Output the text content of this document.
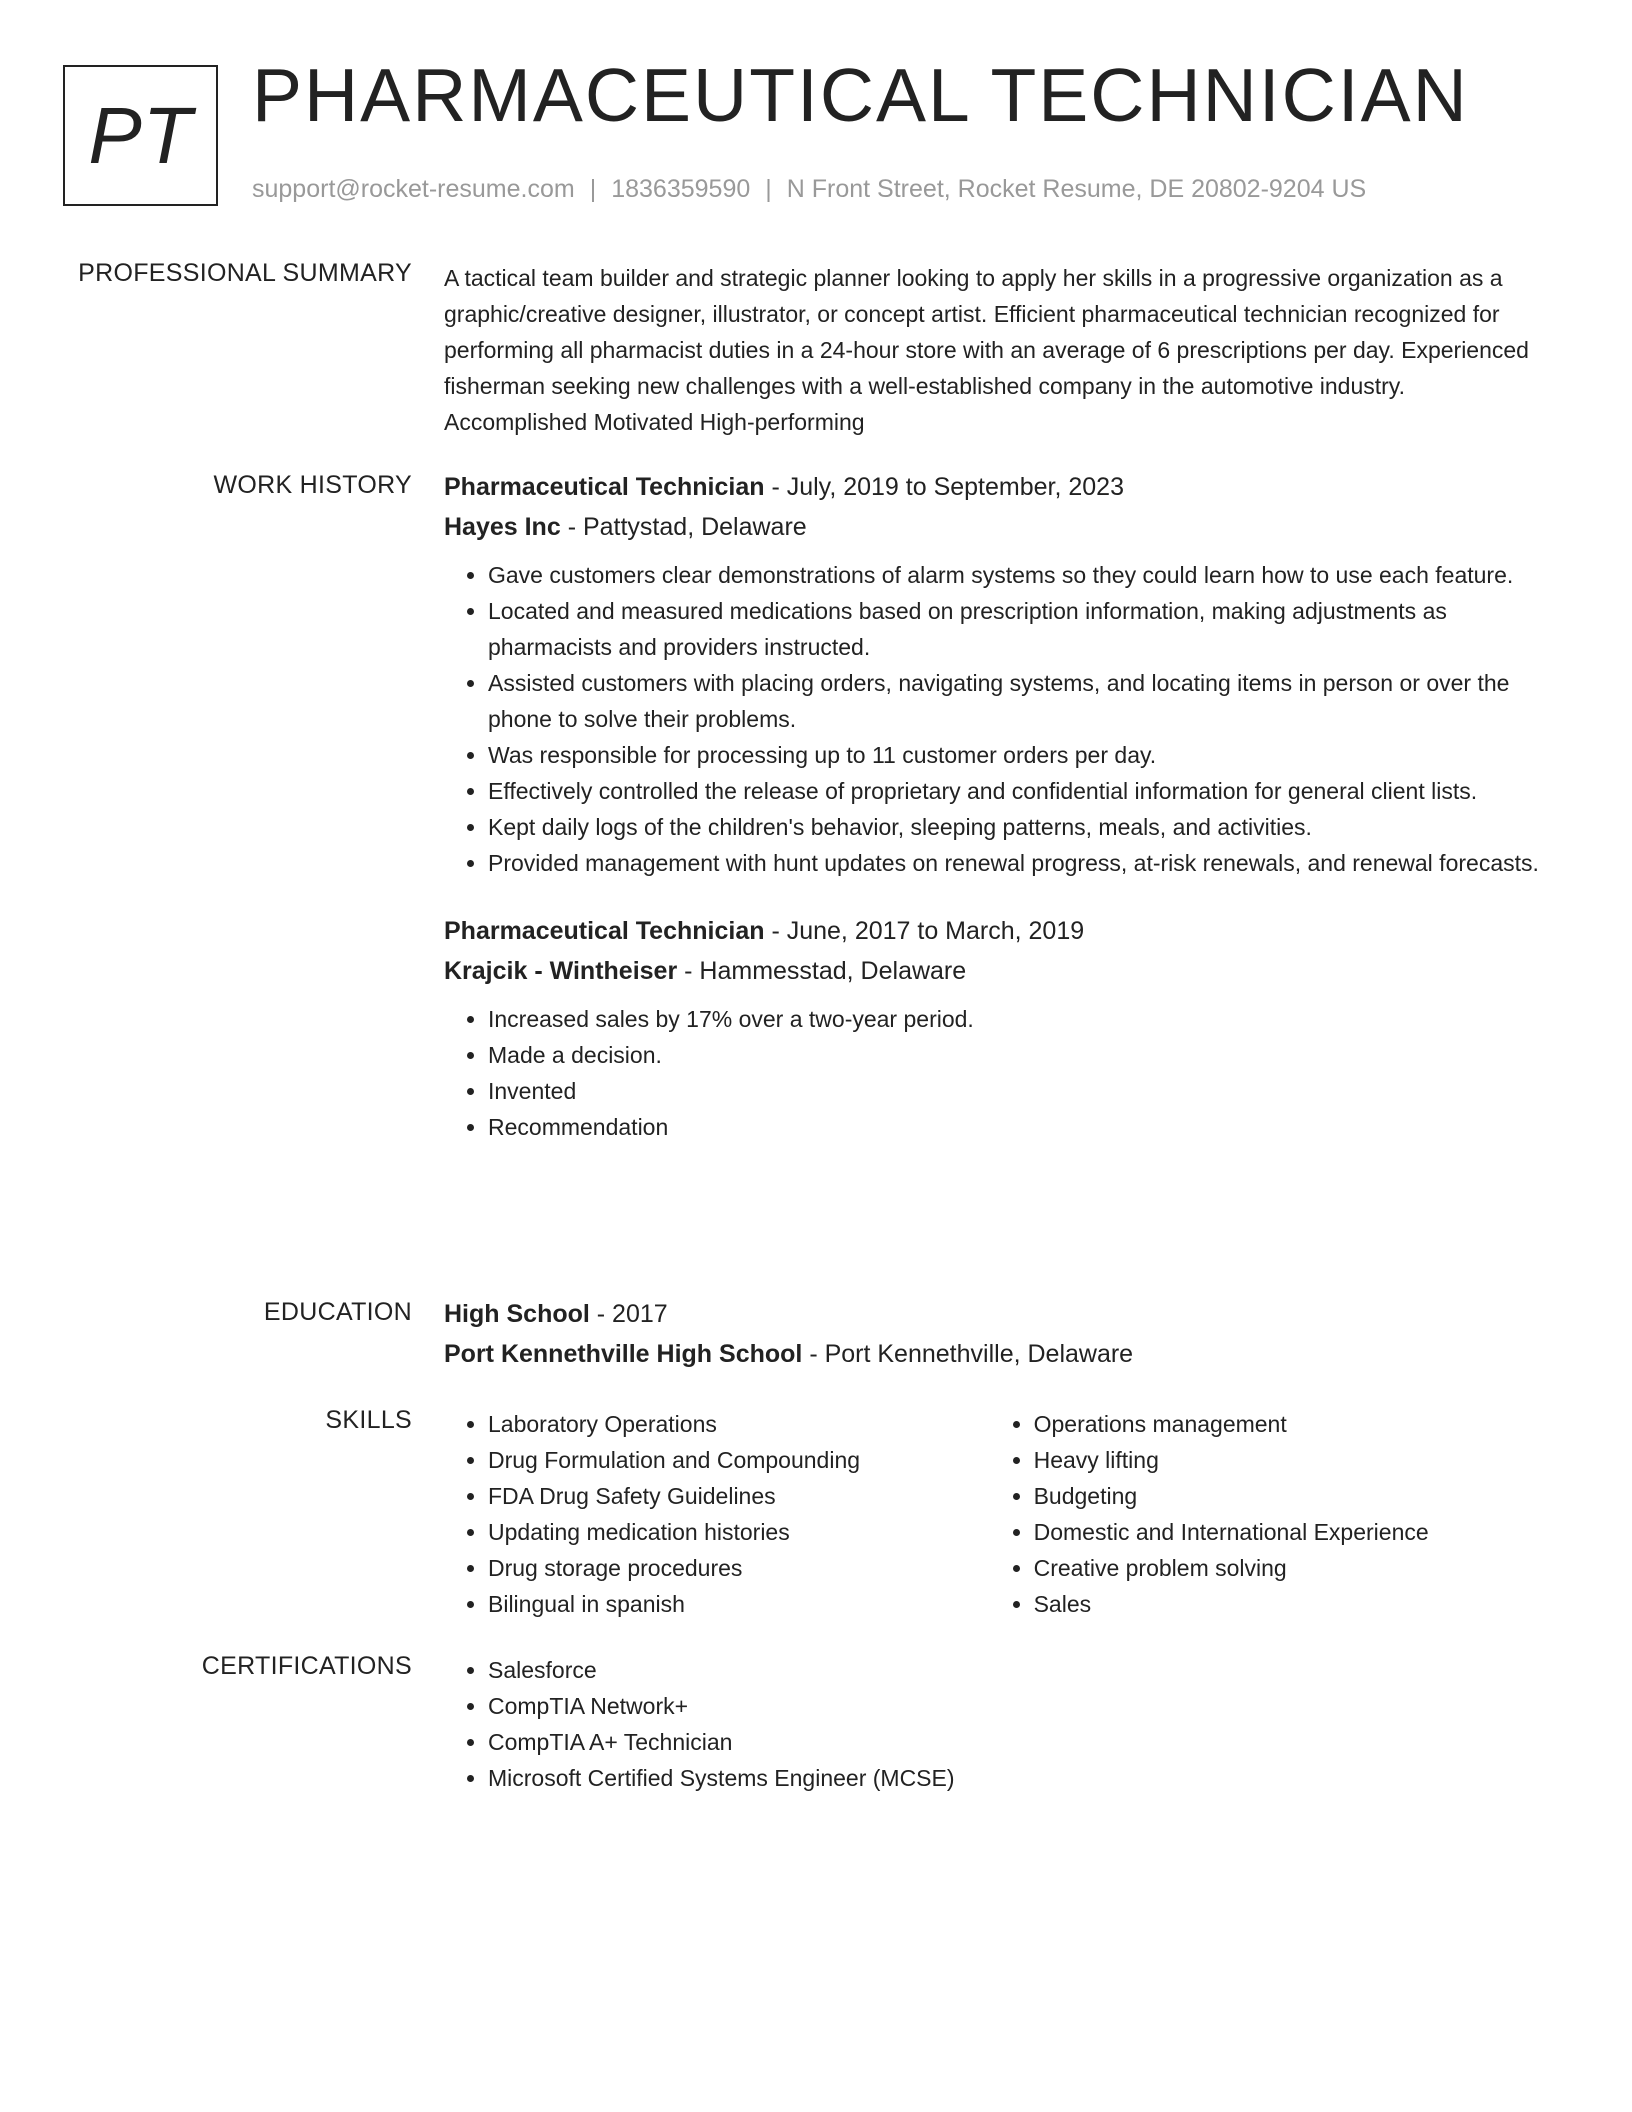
PT PHARMACEUTICAL TECHNICIAN
support@rocket-resume.com | 1836359590 | N Front Street, Rocket Resume, DE 20802-9204 US
PROFESSIONAL SUMMARY A tactical team builder and strategic planner looking to apply her skills in a progressive organization as a graphic/creative designer, illustrator, or concept artist. Efficient pharmaceutical technician recognized for performing all pharmacist duties in a 24-hour store with an average of 6 prescriptions per day. Experienced fisherman seeking new challenges with a well-established company in the automotive industry. Accomplished Motivated High-performing

WORK HISTORY Pharmaceutical Technician - July, 2019 to September, 2023
Hayes Inc - Pattystad, Delaware
• Gave customers clear demonstrations of alarm systems so they could learn how to use each feature.
• Located and measured medications based on prescription information, making adjustments as pharmacists and providers instructed.
• Assisted customers with placing orders, navigating systems, and locating items in person or over the phone to solve their problems.
• Was responsible for processing up to 11 customer orders per day.
• Effectively controlled the release of proprietary and confidential information for general client lists.
• Kept daily logs of the children's behavior, sleeping patterns, meals, and activities.
• Provided management with hunt updates on renewal progress, at-risk renewals, and renewal forecasts.
Pharmaceutical Technician - June, 2017 to March, 2019
Krajcik - Wintheiser - Hammesstad, Delaware
• Increased sales by 17% over a two-year period.
• Made a decision.
• Invented
• Recommendation
EDUCATION High School - 2017
Port Kennethville High School - Port Kennethville, Delaware
SKILLS	• Laboratory Operations
• Drug Formulation and Compounding
• FDA Drug Safety Guidelines
• Updating medication histories
• Drug storage procedures
• Bilingual in spanish
• Operations management
• Heavy lifting
• Budgeting
• Domestic and International Experience
• Creative problem solving
• Sales
CERTIFICATIONS	• Salesforce
• CompTIA Network+
• CompTIA A+ Technician
• Microsoft Certified Systems Engineer (MCSE)
